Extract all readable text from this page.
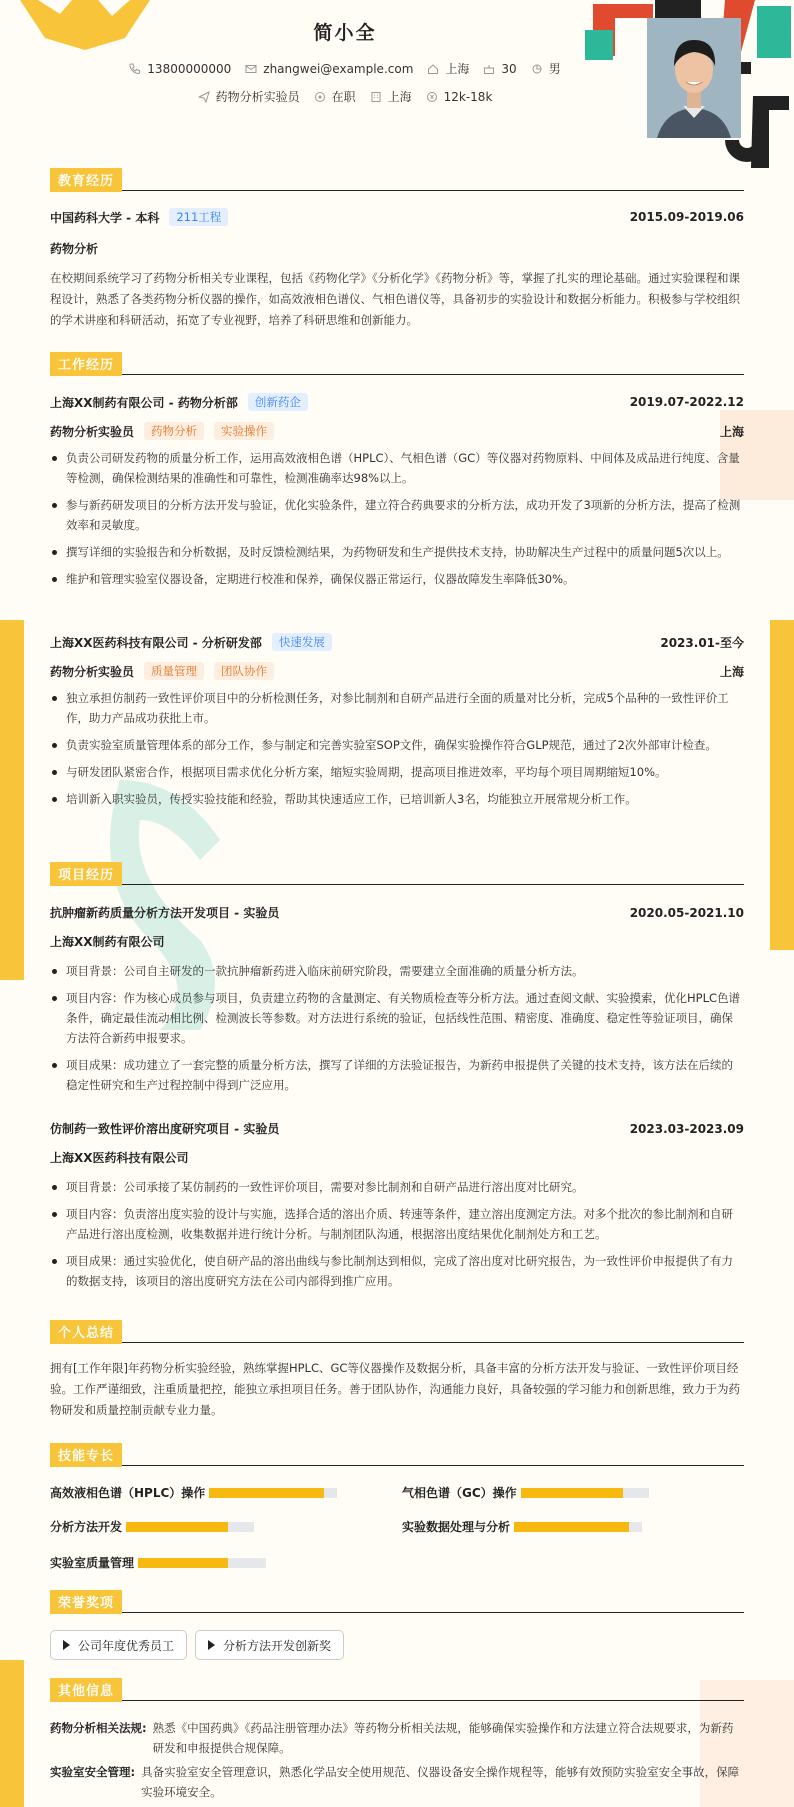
简小全
13800000000	zhangwei@example.com	上海	30	男
药物分析实验员	在职	上海	12k-18k
教育经历
中国药科大学 - 本科	211工程	2015.09-2019.06
药物分析
在校期间系统学习了药物分析相关专业课程，包括《药物化学》《分析化学》《药物分析》等，掌握了扎实的理论基础。通过实验课程和课程设计，熟悉了各类药物分析仪器的操作，如高效液相色谱仪、气相色谱仪等，具备初步的实验设计和数据分析能力。积极参与学校组织的学术讲座和科研活动，拓宽了专业视野，培养了科研思维和创新能力。
工作经历
上海XX制药有限公司 - 药物分析部	创新药企	2019.07-2022.12
药物分析实验员	药物分析	实验操作	上海
负责公司研发药物的质量分析工作，运用高效液相色谱（HPLC）、气相色谱（GC）等仪器对药物原料、中间体及成品进行纯度、含量等检测，确保检测结果的准确性和可靠性，检测准确率达98%以上。
参与新药研发项目的分析方法开发与验证，优化实验条件，建立符合药典要求的分析方法，成功开发了3项新的分析方法，提高了检测效率和灵敏度。
撰写详细的实验报告和分析数据，及时反馈检测结果，为药物研发和生产提供技术支持，协助解决生产过程中的质量问题5次以上。
维护和管理实验室仪器设备，定期进行校准和保养，确保仪器正常运行，仪器故障发生率降低30%。
上海XX医药科技有限公司 - 分析研发部	快速发展	2023.01-至今
药物分析实验员	质量管理	团队协作	上海
独立承担仿制药一致性评价项目中的分析检测任务，对参比制剂和自研产品进行全面的质量对比分析，完成5个品种的一致性评价工作，助力产品成功获批上市。
负责实验室质量管理体系的部分工作，参与制定和完善实验室SOP文件，确保实验操作符合GLP规范，通过了2次外部审计检查。
与研发团队紧密合作，根据项目需求优化分析方案，缩短实验周期，提高项目推进效率，平均每个项目周期缩短10%。
培训新入职实验员，传授实验技能和经验，帮助其快速适应工作，已培训新人3名，均能独立开展常规分析工作。
项目经历
抗肿瘤新药质量分析方法开发项目 - 实验员	2020.05-2021.10
上海XX制药有限公司
项目背景：公司自主研发的一款抗肿瘤新药进入临床前研究阶段，需要建立全面准确的质量分析方法。
项目内容：作为核心成员参与项目，负责建立药物的含量测定、有关物质检查等分析方法。通过查阅文献、实验摸索，优化HPLC色谱条件，确定最佳流动相比例、检测波长等参数。对方法进行系统的验证，包括线性范围、精密度、准确度、稳定性等验证项目，确保方法符合新药申报要求。
项目成果：成功建立了一套完整的质量分析方法，撰写了详细的方法验证报告，为新药申报提供了关键的技术支持，该方法在后续的稳定性研究和生产过程控制中得到广泛应用。
仿制药一致性评价溶出度研究项目 - 实验员	2023.03-2023.09
上海XX医药科技有限公司
项目背景：公司承接了某仿制药的一致性评价项目，需要对参比制剂和自研产品进行溶出度对比研究。
项目内容：负责溶出度实验的设计与实施，选择合适的溶出介质、转速等条件，建立溶出度测定方法。对多个批次的参比制剂和自研产品进行溶出度检测，收集数据并进行统计分析。与制剂团队沟通，根据溶出度结果优化制剂处方和工艺。
项目成果：通过实验优化，使自研产品的溶出曲线与参比制剂达到相似，完成了溶出度对比研究报告，为一致性评价申报提供了有力的数据支持，该项目的溶出度研究方法在公司内部得到推广应用。
个人总结
拥有[工作年限]年药物分析实验经验，熟练掌握HPLC、GC等仪器操作及数据分析，具备丰富的分析方法开发与验证、一致性评价项目经验。工作严谨细致，注重质量把控，能独立承担项目任务。善于团队协作，沟通能力良好，具备较强的学习能力和创新思维，致力于为药物研发和质量控制贡献专业力量。
技能专长
高效液相色谱（HPLC）操作	气相色谱（GC）操作
分析方法开发	实验数据处理与分析
实验室质量管理
荣誉奖项
公司年度优秀员工	分析方法开发创新奖
其他信息
药物分析相关法规: 熟悉《中国药典》《药品注册管理办法》等药物分析相关法规，能够确保实验操作和方法建立符合法规要求，为新药研发和申报提供合规保障。
实验室安全管理: 具备实验室安全管理意识，熟悉化学品安全使用规范、仪器设备安全操作规程等，能够有效预防实验室安全事故，保障实验环境安全。
